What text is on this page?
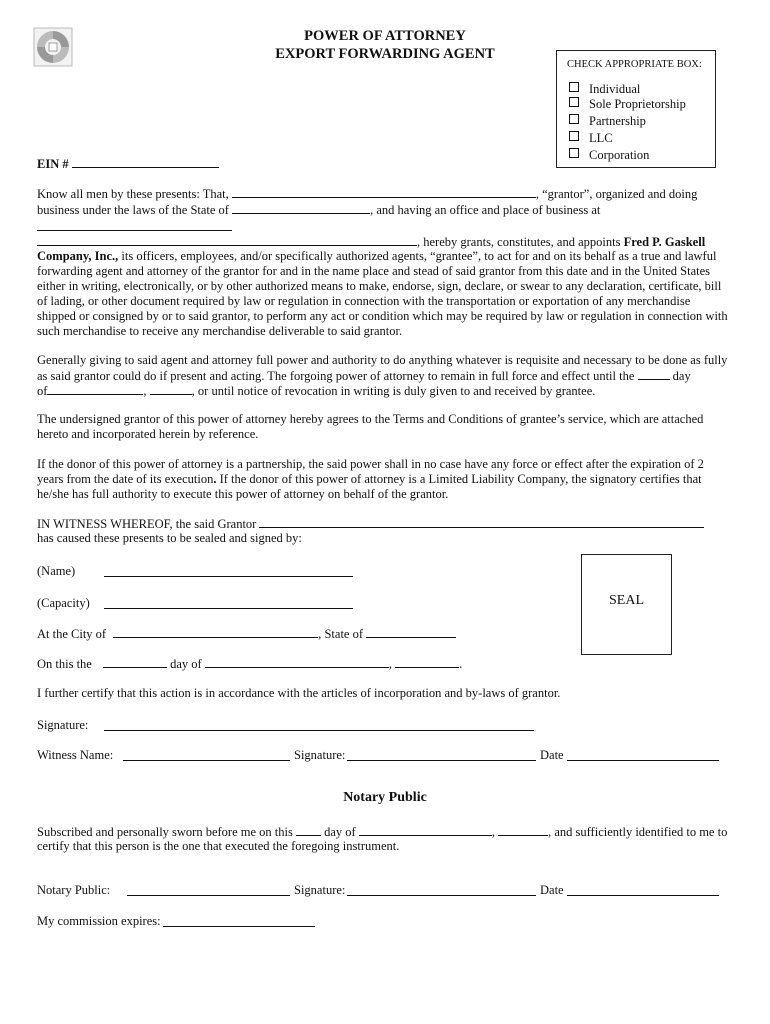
POWER OF ATTORNEY
EXPORT FORWARDING AGENT
CHECK APPROPRIATE BOX:
Individual
Sole Proprietorship
Partnership
LLC
Corporation
EIN #
Know all men by these presents: That,	, “grantor”, organized and doing
business under the laws of the State of	, and having an office and place of business at
, hereby grants, constitutes, and appoints Fred P. Gaskell
Company, Inc., its officers, employees, and/or specifically authorized agents, “grantee”, to act for and on its behalf as a true and lawful
forwarding agent and attorney of the grantor for and in the name place and stead of said grantor from this date and in the United States
either in writing, electronically, or by other authorized means to make, endorse, sign, declare, or swear to any declaration, certificate, bill
of lading, or other document required by law or regulation in connection with the transportation or exportation of any merchandise
shipped or consigned by or to said grantor, to perform any act or condition which may be required by law or regulation in connection with
such merchandise to receive any merchandise deliverable to said grantor.
Generally giving to said agent and attorney full power and authority to do anything whatever is requisite and necessary to be done as fully
as said grantor could do if present and acting. The forgoing power of attorney to remain in full force and effect until the	day
of	,	, or until notice of revocation in writing is duly given to and received by grantee.
The undersigned grantor of this power of attorney hereby agrees to the Terms and Conditions of grantee’s service, which are attached
hereto and incorporated herein by reference.
If the donor of this power of attorney is a partnership, the said power shall in no case have any force or effect after the expiration of 2
years from the date of its execution. If the donor of this power of attorney is a Limited Liability Company, the signatory certifies that
he/she has full authority to execute this power of attorney on behalf of the grantor.
IN WITNESS WHEREOF, the said Grantor
has caused these presents to be sealed and signed by:
(Name)
(Capacity)	SEAL
At the City of	, State of
On this the	day of	,	.
I further certify that this action is in accordance with the articles of incorporation and by-laws of grantor.
Signature:
Witness Name:	Signature:	Date
Notary Public
Subscribed and personally sworn before me on this	day of	,	, and sufficiently identified to me to
certify that this person is the one that executed the foregoing instrument.
Notary Public:	Signature:	Date
My commission expires:
